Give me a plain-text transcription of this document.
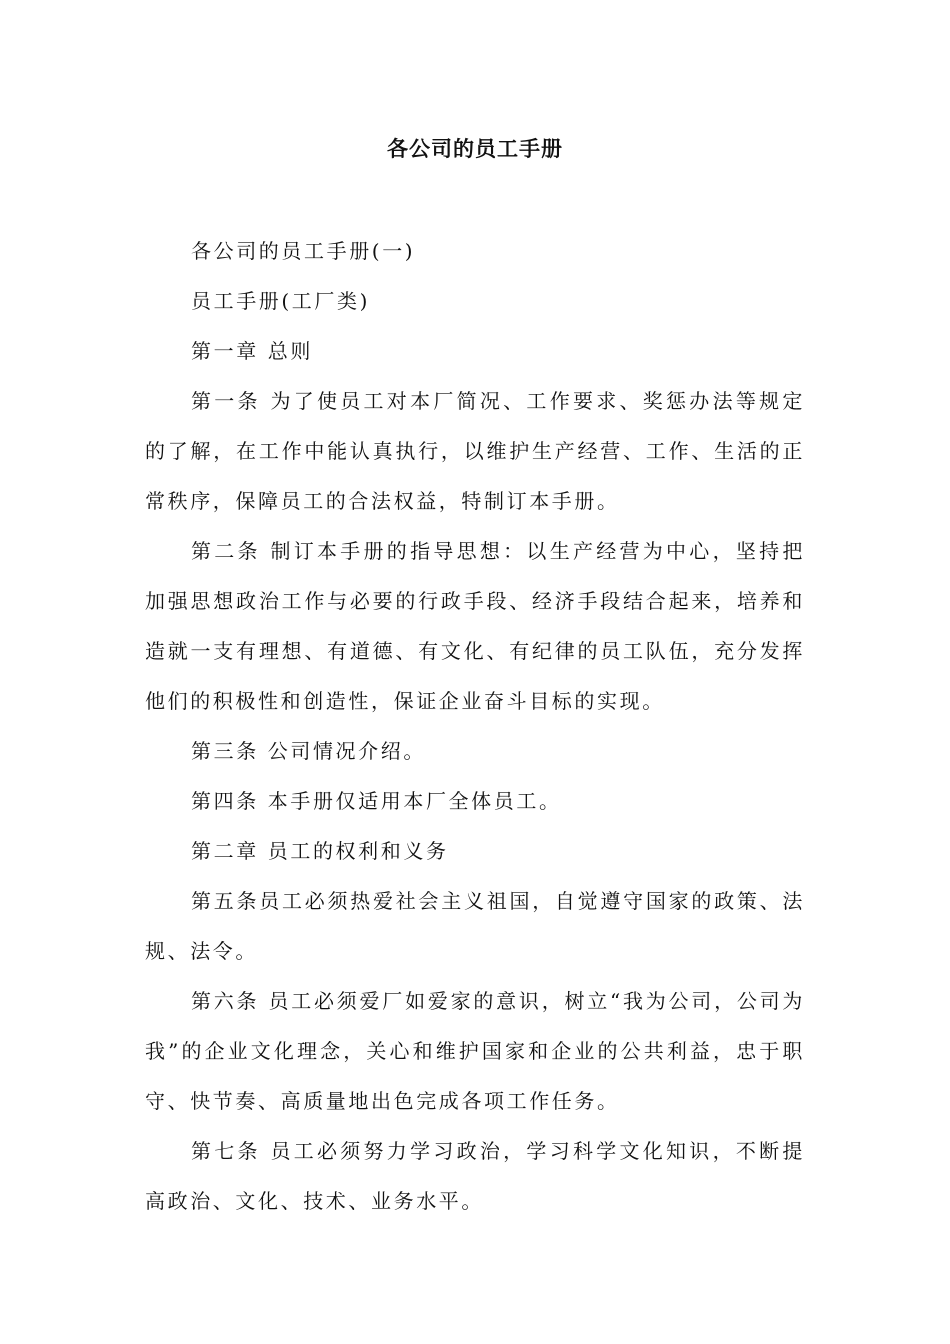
各公司的员工手册

各公司的员工手册(一)

员工手册(工厂类)

第一章 总则

第一条 为了使员工对本厂简况、工作要求、奖惩办法等规定的了解，在工作中能认真执行，以维护生产经营、工作、生活的正常秩序，保障员工的合法权益，特制订本手册。

第二条 制订本手册的指导思想：以生产经营为中心，坚持把加强思想政治工作与必要的行政手段、经济手段结合起来，培养和造就一支有理想、有道德、有文化、有纪律的员工队伍，充分发挥他们的积极性和创造性，保证企业奋斗目标的实现。

第三条 公司情况介绍。

第四条 本手册仅适用本厂全体员工。

第二章 员工的权利和义务

第五条员工必须热爱社会主义祖国，自觉遵守国家的政策、法规、法令。

第六条 员工必须爱厂如爱家的意识，树立“我为公司，公司为我”的企业文化理念，关心和维护国家和企业的公共利益，忠于职守、快节奏、高质量地出色完成各项工作任务。

第七条 员工必须努力学习政治，学习科学文化知识，不断提高政治、文化、技术、业务水平。
